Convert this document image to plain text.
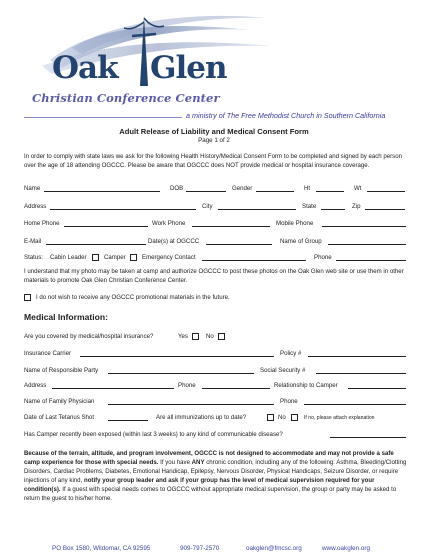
Oak Glen
Christian Conference Center
a ministry of The Free Methodist Church in Southern California
Adult Release of Liability and Medical Consent Form
Page 1 of 2
In order to comply with state laws we ask for the following Health History/Medical Consent Form to be completed and signed by each person over the age of 18 attending OGCCC. Please be aware that OGCCC does NOT provide medical or hospital insurance coverage.
Name	DOB	Gender	Ht	Wt
Address	City	State	Zip
Home Phone	Work Phone	Mobile Phone
E-Mail	Date(s) at OGCCC	Name of Group
Status: Cabin Leader	Camper	Emergency Contact	Phone
I understand that my photo may be taken at camp and authorize OGCCC to post these photos on the Oak Glen web site or use them in other materials to promote Oak Glen Christian Conference Center.
I do not wish to receive any OGCCC promotional materials in the future.
Medical Information:
Are you covered by medical/hospital insurance?	Yes	No
Insurance Carrier	Policy #
Name of Responsible Party	Social Security #
Address	Phone	Relationship to Camper
Name of Family Physician	Phone
Date of Last Tetanus Shot	Are all immunizations up to date?	No	If no, please attach explanation
Has Camper recently been exposed (within last 3 weeks) to any kind of communicable disease?
Because of the terrain, altitude, and program involvement, OGCCC is not designed to accommodate and may not provide a safe camp experience for those with special needs. If you have ANY chronic condition, including any of the following: Asthma, Bleeding/Clotting Disorders, Cardiac Problems, Diabetes, Emotional Handicap, Epilepsy, Nervous Disorder, Physical Handicaps, Seizure Disorder, or require injections of any kind, notify your group leader and ask if your group has the level of medical supervision required for your condition(s). If a guest with special needs comes to OGCCC without appropriate medical supervision, the group or party may be asked to return the guest to his/her home.
PO Box 1580, Wildomar, CA 92595	909-797-2570	oakglen@fmcsc.org	www.oakglen.org
